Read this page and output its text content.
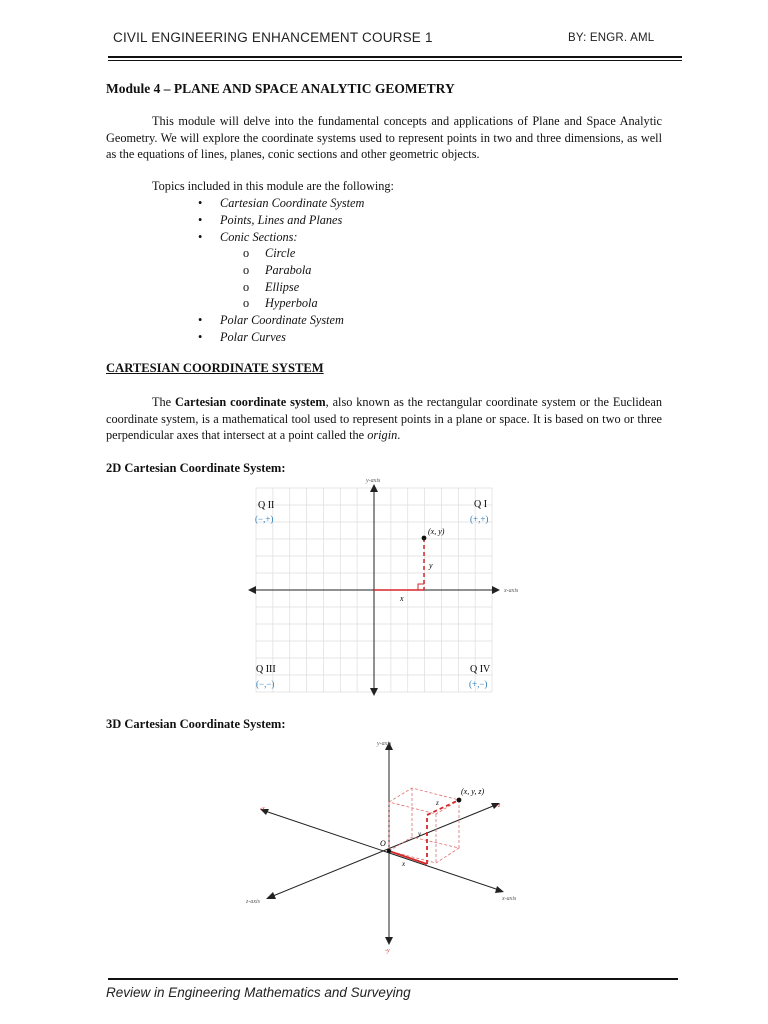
CIVIL ENGINEERING ENHANCEMENT COURSE 1	BY: ENGR. AML
Module 4 – PLANE AND SPACE ANALYTIC GEOMETRY
This module will delve into the fundamental concepts and applications of Plane and Space Analytic Geometry. We will explore the coordinate systems used to represent points in two and three dimensions, as well as the equations of lines, planes, conic sections and other geometric objects.
Topics included in this module are the following:
• Cartesian Coordinate System
• Points, Lines and Planes
• Conic Sections:
o Circle
o Parabola
o Ellipse
o Hyperbola
• Polar Coordinate System
• Polar Curves
CARTESIAN COORDINATE SYSTEM
The Cartesian coordinate system, also known as the rectangular coordinate system or the Euclidean coordinate system, is a mathematical tool used to represent points in a plane or space. It is based on two or three perpendicular axes that intersect at a point called the origin.
2D Cartesian Coordinate System:
(x, y)
y
x
y-axis
x-axis
Q II
(−,+)
Q I
(+,+)
Q III
(−,−)
Q IV
(+,−)
3D Cartesian Coordinate System:
(x, y, z)
O
x
y
z
y-axis
z-axis	x-axis
-x	-z
-y
Review in Engineering Mathematics and Surveying
